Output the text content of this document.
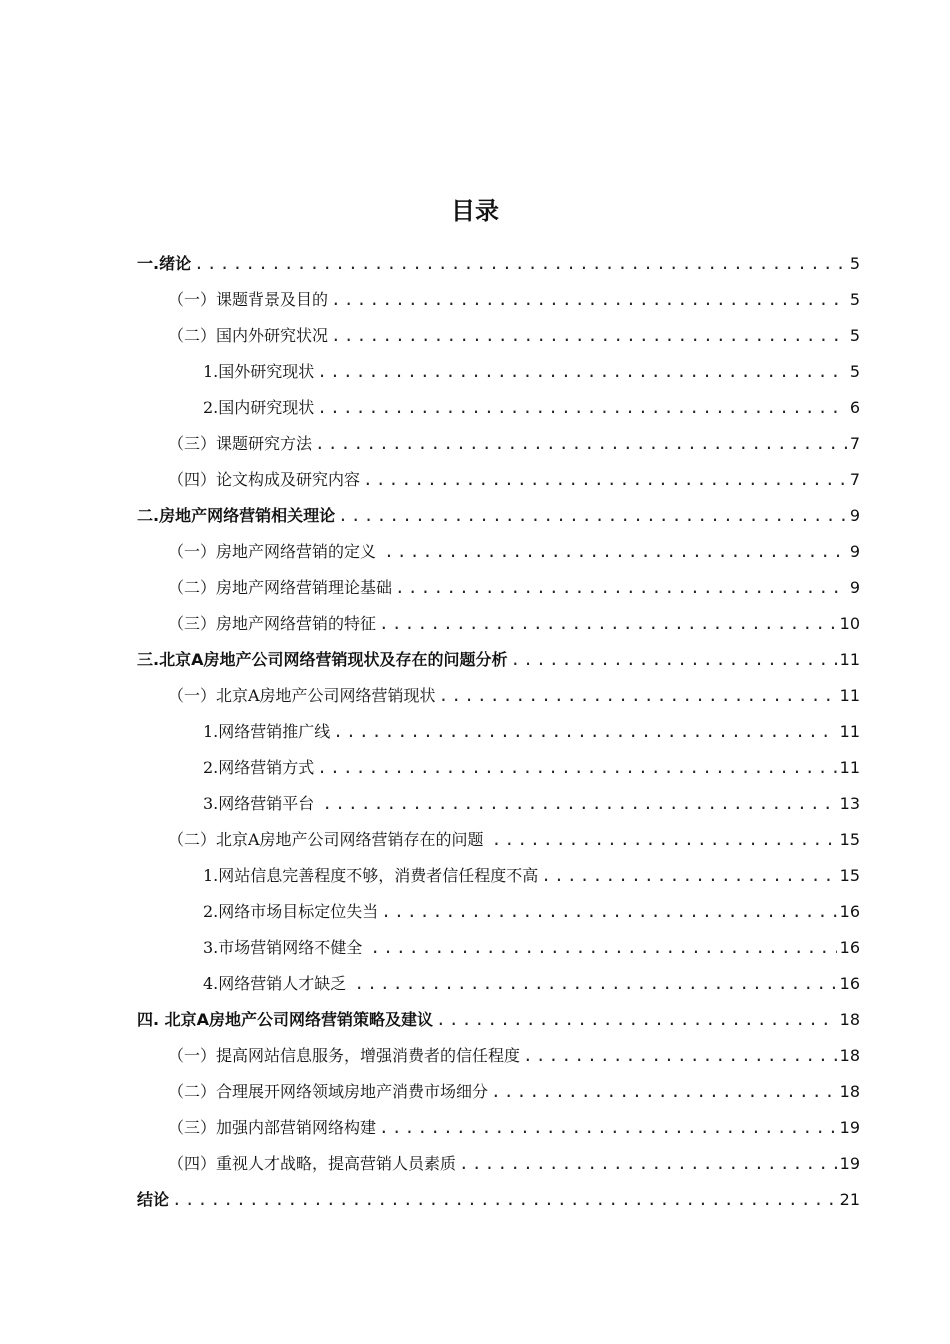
目录
一.绪论 .....	5
（一）课题背景及目的 .....	5
（二）国内外研究状况 .....	5
1.国外研究现状 .....	5
2.国内研究现状 .....	6
（三）课题研究方法 .....	7
（四）论文构成及研究内容 .....	7
二.房地产网络营销相关理论 .....	9
（一）房地产网络营销的定义 .....	9
（二）房地产网络营销理论基础 .....	9
（三）房地产网络营销的特征 .....	10
三.北京A房地产公司网络营销现状及存在的问题分析 .....	11
（一）北京A房地产公司网络营销现状 .....	11
1.网络营销推广线 .....	11
2.网络营销方式 .....	11
3.网络营销平台 .....	13
（二）北京A房地产公司网络营销存在的问题 .....	15
1.网站信息完善程度不够，消费者信任程度不高 .....	15
2.网络市场目标定位失当 .....	16
3.市场营销网络不健全 .....	16
4.网络营销人才缺乏 .....	16
四. 北京A房地产公司网络营销策略及建议 .....	18
（一）提高网站信息服务，增强消费者的信任程度 .....	18
（二）合理展开网络领域房地产消费市场细分 .....	18
（三）加强内部营销网络构建 .....	19
（四）重视人才战略，提高营销人员素质 .....	19
结论 .....	21
